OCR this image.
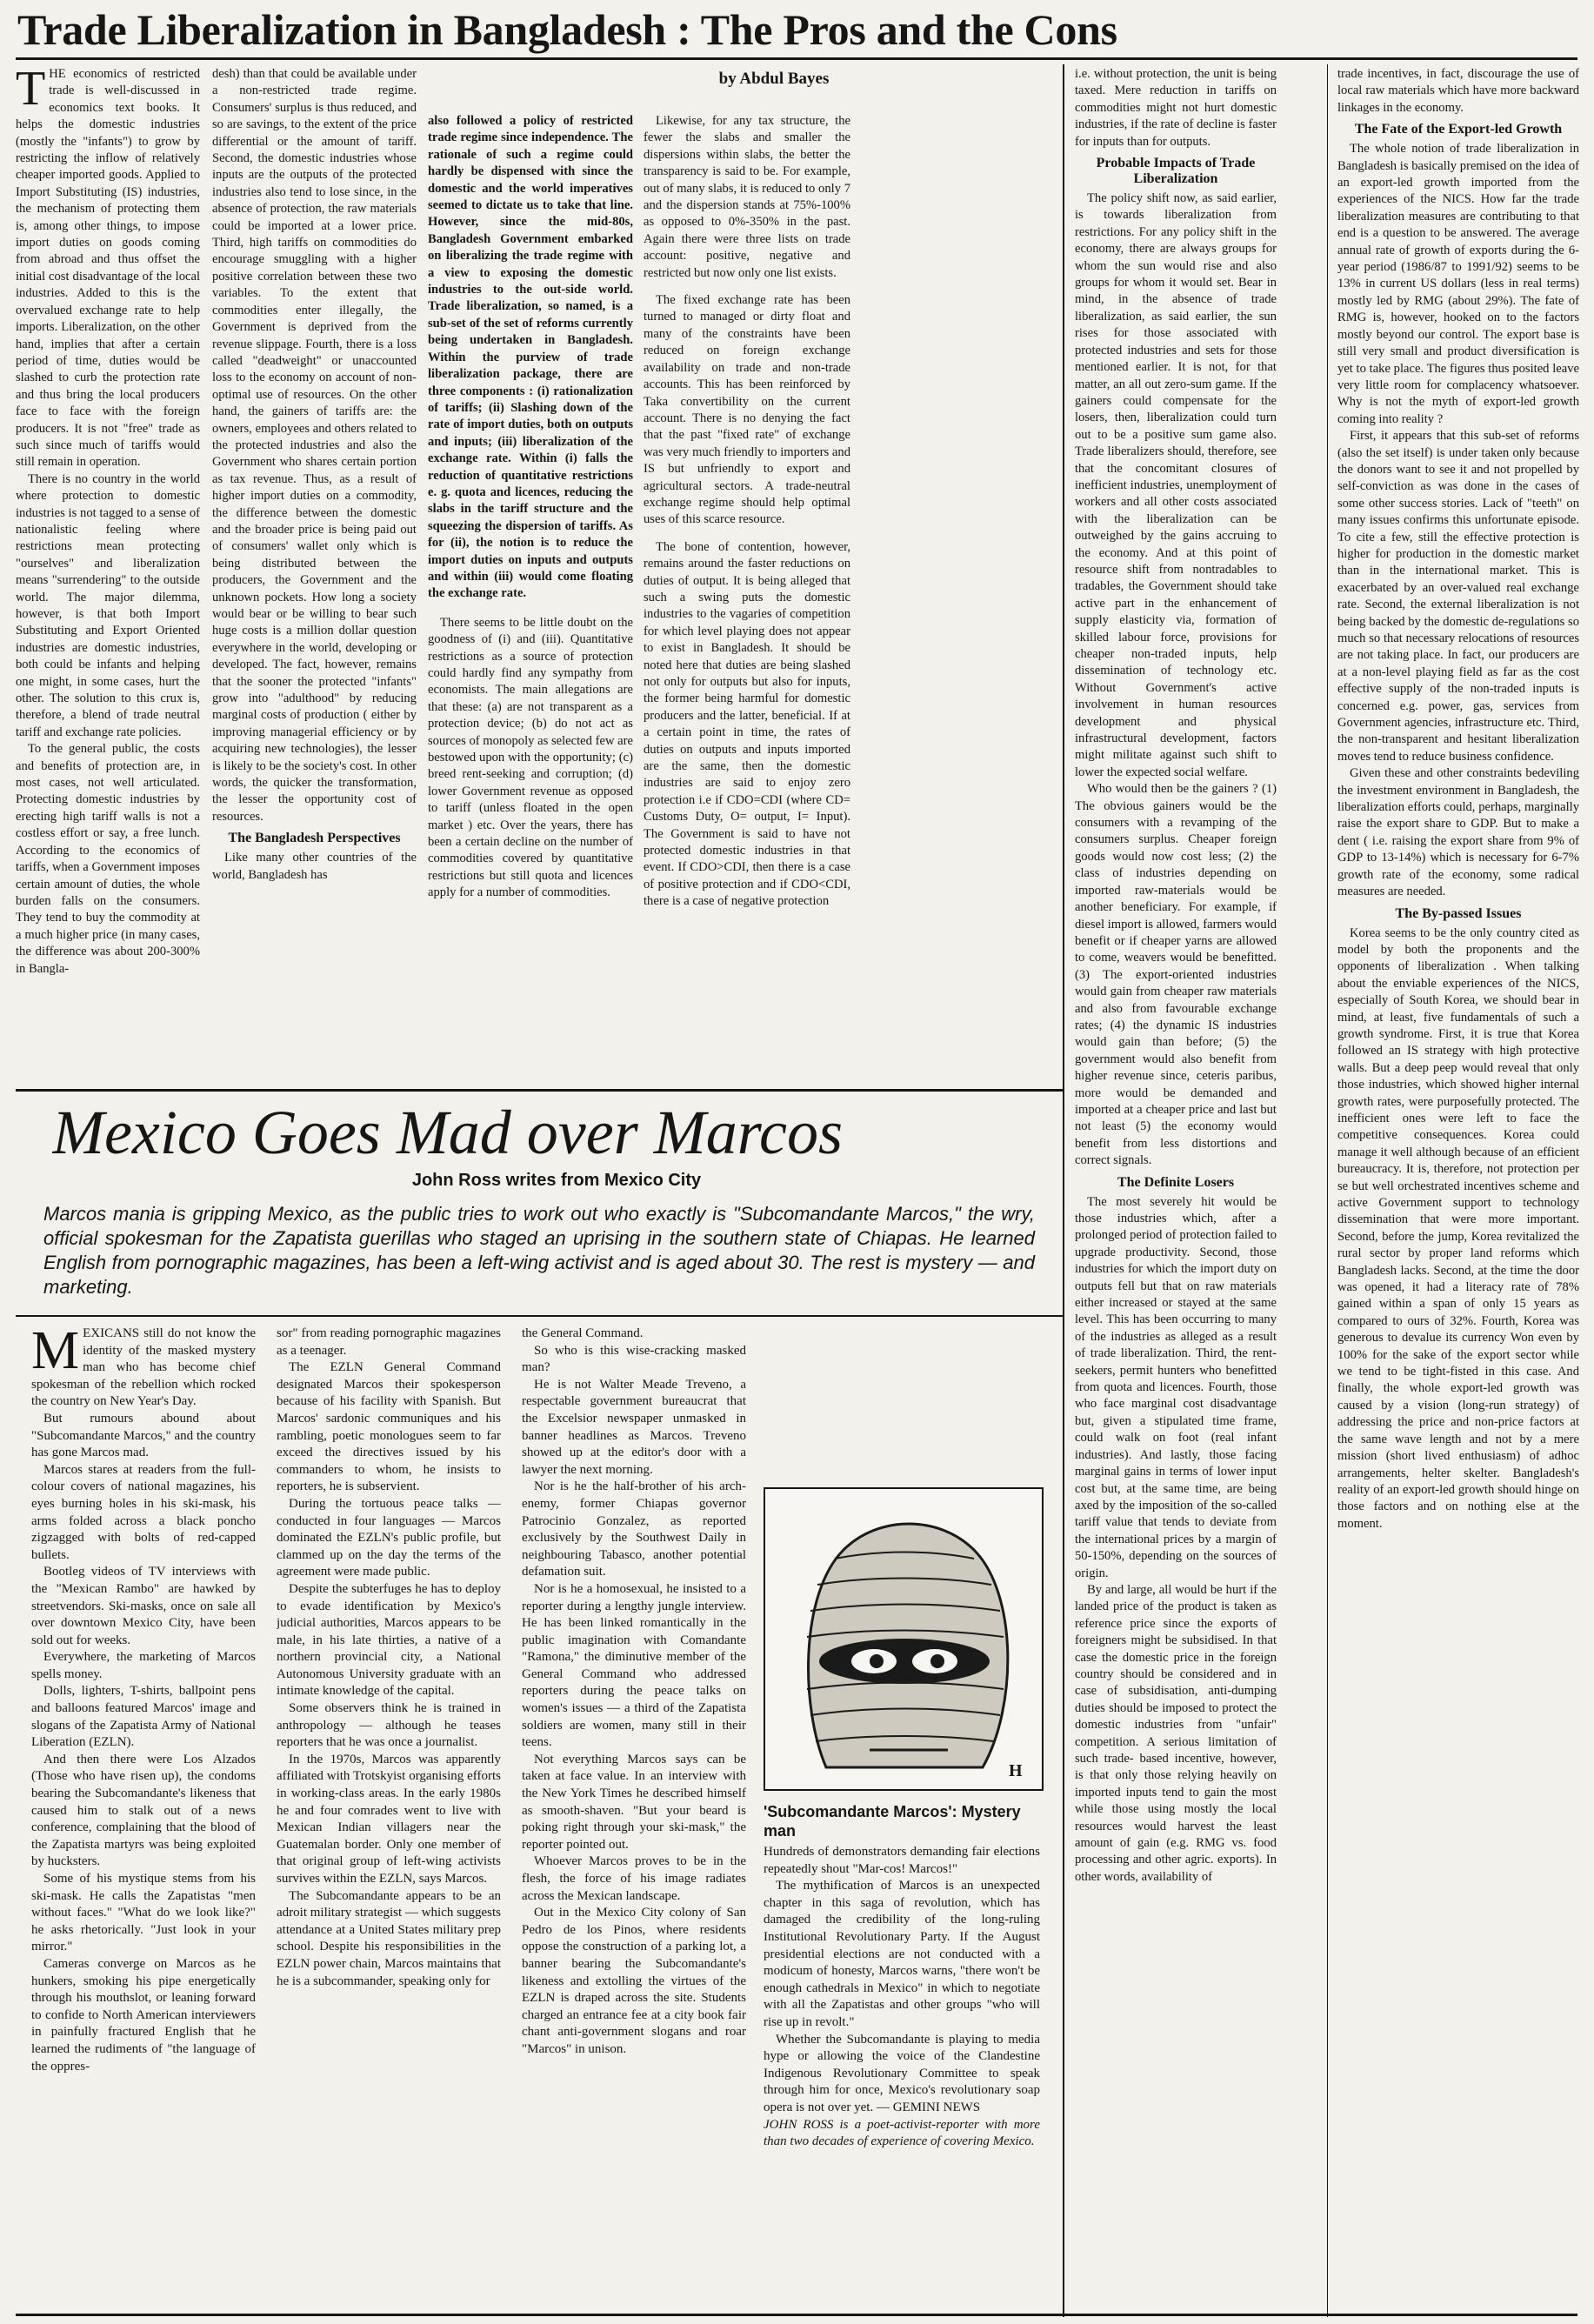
Trade Liberalization in Bangladesh : The Pros and the Cons
by Abdul Bayes
T HE economics of restricted trade is well-discussed in economics text books. It helps the domestic industries (mostly the "infants") to grow by restricting the inflow of relatively cheaper imported goods. Applied to Import Substituting (IS) industries, the mechanism of protecting them is, among other things, to impose import duties on goods coming from abroad and thus offset the initial cost disadvantage of the local industries. Added to this is the overvalued exchange rate to help imports. Liberalization, on the other hand, implies that after a certain period of time, duties would be slashed to curb the protection rate and thus bring the local producers face to face with the foreign producers. It is not "free" trade as such since much of tariffs would still remain in operation.

There is no country in the world where protection to domestic industries is not tagged to a sense of nationalistic feeling where restrictions mean protecting "ourselves" and liberalization means "surrendering" to the outside world. The major dilemma, however, is that both Import Substituting and Export Oriented industries are domestic industries, both could be infants and helping one might, in some cases, hurt the other. The solution to this crux is, therefore, a blend of trade neutral tariff and exchange rate policies.

To the general public, the costs and benefits of protection are, in most cases, not well articulated. Protecting domestic industries by erecting high tariff walls is not a costless effort or say, a free lunch. According to the economics of tariffs, when a Government imposes certain amount of duties, the whole burden falls on the consumers. They tend to buy the commodity at a much higher price (in many cases, the difference was about 200-300% in Bangla-

desh) than that could be available under a non-restricted trade regime. Consumers' surplus is thus reduced, and so are savings, to the extent of the price differential or the amount of tariff. Second, the domestic industries whose inputs are the outputs of the protected industries also tend to lose since, in the absence of protection, the raw materials could be imported at a lower price. Third, high tariffs on commodities do encourage smuggling with a higher positive correlation between these two variables. To the extent that commodities enter illegally, the Government is deprived from the revenue slippage. Fourth, there is a loss called "deadweight" or unaccounted loss to the economy on account of non-optimal use of resources. On the other hand, the gainers of tariffs are: the owners, employees and others related to the protected industries and also the Government who shares certain portion as tax revenue. Thus, as a result of higher import duties on a commodity, the difference between the domestic and the broader price is being paid out of consumers' wallet only which is being distributed between the producers, the Government and the unknown pockets. How long a society would bear or be willing to bear such huge costs is a million dollar question everywhere in the world, developing or developed. The fact, however, remains that the sooner the protected "infants" grow into "adulthood" by reducing marginal costs of production ( either by improving managerial efficiency or by acquiring new technologies), the lesser is likely to be the society's cost. In other words, the quicker the transformation, the lesser the opportunity cost of resources.

The Bangladesh Perspectives

Like many other countries of the world, Bangladesh has

also followed a policy of restricted trade regime since independence. The rationale of such a regime could hardly be dispensed with since the domestic and the world imperatives seemed to dictate us to take that line. However, since the mid-80s, Bangladesh Government embarked on liberalizing the trade regime with a view to exposing the domestic industries to the out-side world. Trade liberalization, so named, is a sub-set of the set of reforms currently being undertaken in Bangladesh. Within the purview of trade liberalization package, there are three components : (i) rationalization of tariffs; (ii) Slashing down of the rate of import duties, both on outputs and inputs; (iii) liberalization of the exchange rate. Within (i) falls the reduction of quantitative restrictions e. g. quota and licences, reducing the slabs in the tariff structure and the squeezing the dispersion of tariffs. As for (ii), the notion is to reduce the import duties on inputs and outputs and within (iii) would come floating the exchange rate.

There seems to be little doubt on the goodness of (i) and (iii). Quantitative restrictions as a source of protection could hardly find any sympathy from economists. The main allegations are that these: (a) are not transparent as a protection device; (b) do not act as sources of monopoly as selected few are bestowed upon with the opportunity; (c) breed rent-seeking and corruption; (d) lower Government revenue as opposed to tariff (unless floated in the open market ) etc. Over the years, there has been a certain decline on the number of commodities covered by quantitative restrictions but still quota and licences apply for a number of commodities.

Likewise, for any tax structure, the fewer the slabs and smaller the dispersions within slabs, the better the transparency is said to be. For example, out of many slabs, it is reduced to only 7 and the dispersion stands at 75%-100% as opposed to 0%-350% in the past. Again there were three lists on trade account: positive, negative and restricted but now only one list exists.

The fixed exchange rate has been turned to managed or dirty float and many of the constraints have been reduced on foreign exchange availability on trade and non-trade accounts. This has been reinforced by Taka convertibility on the current account. There is no denying the fact that the past "fixed rate" of exchange was very much friendly to importers and IS but unfriendly to export and agricultural sectors. A trade-neutral exchange regime should help optimal uses of this scarce resource.

The bone of contention, however, remains around the faster reductions on duties of output. It is being alleged that such a swing puts the domestic industries to the vagaries of competition for which level playing does not appear to exist in Bangladesh. It should be noted here that duties are being slashed not only for outputs but also for inputs, the former being harmful for domestic producers and the latter, beneficial. If at a certain point in time, the rates of duties on outputs and inputs imported are the same, then the domestic industries are said to enjoy zero protection i.e if CDO=CDI (where CD= Customs Duty, O= output, I= Input). The Government is said to have not protected domestic industries in that event. If CDO>CDI, then there is a case of positive protection and if CDO<CDI, there is a case of negative protection

i.e. without protection, the unit is being taxed. Mere reduction in tariffs on commodities might not hurt domestic industries, if the rate of decline is faster for inputs than for outputs.

Probable Impacts of Trade Liberalization

The policy shift now, as said earlier, is towards liberalization from restrictions. For any policy shift in the economy, there are always groups for whom the sun would rise and also groups for whom it would set. Bear in mind, in the absence of trade liberalization, as said earlier, the sun rises for those associated with protected industries and sets for those mentioned earlier. It is not, for that matter, an all out zero-sum game. If the gainers could compensate for the losers, then, liberalization could turn out to be a positive sum game also. Trade liberalizers should, therefore, see that the concomitant closures of inefficient industries, unemployment of workers and all other costs associated with the liberalization can be outweighed by the gains accruing to the economy. And at this point of resource shift from nontradables to tradables, the Government should take active part in the enhancement of supply elasticity via, formation of skilled labour force, provisions for cheaper non-traded inputs, help dissemination of technology etc. Without Government's active involvement in human resources development and physical infrastructural development, factors might militate against such shift to lower the expected social welfare.

Who would then be the gainers ? (1) The obvious gainers would be the consumers with a revamping of the consumers surplus. Cheaper foreign goods would now cost less; (2) the class of industries depending on imported raw-materials would be another beneficiary. For example, if diesel import is allowed, farmers would benefit or if cheaper yarns are allowed to come, weavers would be benefitted. (3) The export-oriented industries would gain from cheaper raw materials and also from favourable exchange rates; (4) the dynamic IS industries would gain than before; (5) the government would also benefit from higher revenue since, ceteris paribus, more would be demanded and imported at a cheaper price and last but not least (5) the economy would benefit from less distortions and correct signals.

The Definite Losers

The most severely hit would be those industries which, after a prolonged period of protection failed to upgrade productivity. Second, those industries for which the import duty on outputs fell but that on raw materials either increased or stayed at the same level. This has been occurring to many of the industries as alleged as a result of trade liberalization. Third, the rent-seekers, permit hunters who benefitted from quota and licences. Fourth, those who face marginal cost disadvantage but, given a stipulated time frame, could walk on foot (real infant industries). And lastly, those facing marginal gains in terms of lower input cost but, at the same time, are being axed by the imposition of the so-called tariff value that tends to deviate from the international prices by a margin of 50-150%, depending on the sources of origin.

By and large, all would be hurt if the landed price of the product is taken as reference price since the exports of foreigners might be subsidised. In that case the domestic price in the foreign country should be considered and in case of subsidisation, anti-dumping duties should be imposed to protect the domestic industries from "unfair" competition. A serious limitation of such trade- based incentive, however, is that only those relying heavily on imported inputs tend to gain the most while those using mostly the local resources would harvest the least amount of gain (e.g. RMG vs. food processing and other agric. exports). In other words, availability of

trade incentives, in fact, discourage the use of local raw materials which have more backward linkages in the economy.

The Fate of the Export-led Growth

The whole notion of trade liberalization in Bangladesh is basically premised on the idea of an export-led growth imported from the experiences of the NICS. How far the trade liberalization measures are contributing to that end is a question to be answered. The average annual rate of growth of exports during the 6-year period (1986/87 to 1991/92) seems to be 13% in current US dollars (less in real terms) mostly led by RMG (about 29%). The fate of RMG is, however, hooked on to the factors mostly beyond our control. The export base is still very small and product diversification is yet to take place. The figures thus posited leave very little room for complacency whatsoever. Why is not the myth of export-led growth coming into reality ?

First, it appears that this sub-set of reforms (also the set itself) is under taken only because the donors want to see it and not propelled by self-conviction as was done in the cases of some other success stories. Lack of "teeth" on many issues confirms this unfortunate episode. To cite a few, still the effective protection is higher for production in the domestic market than in the international market. This is exacerbated by an over-valued real exchange rate. Second, the external liberalization is not being backed by the domestic de-regulations so much so that necessary relocations of resources are not taking place. In fact, our producers are at a non-level playing field as far as the cost effective supply of the non-traded inputs is concerned e.g. power, gas, services from Government agencies, infrastructure etc. Third, the non-transparent and hesitant liberalization moves tend to reduce business confidence.

Given these and other constraints bedeviling the investment environment in Bangladesh, the liberalization efforts could, perhaps, marginally raise the export share to GDP. But to make a dent ( i.e. raising the export share from 9% of GDP to 13-14%) which is necessary for 6-7% growth rate of the economy, some radical measures are needed.

The By-passed Issues

Korea seems to be the only country cited as model by both the proponents and the opponents of liberalization . When talking about the enviable experiences of the NICS, especially of South Korea, we should bear in mind, at least, five fundamentals of such a growth syndrome. First, it is true that Korea followed an IS strategy with high protective walls. But a deep peep would reveal that only those industries, which showed higher internal growth rates, were purposefully protected. The inefficient ones were left to face the competitive consequences. Korea could manage it well although because of an efficient bureaucracy. It is, therefore, not protection per se but well orchestrated incentives scheme and active Government support to technology dissemination that were more important. Second, before the jump, Korea revitalized the rural sector by proper land reforms which Bangladesh lacks. Second, at the time the door was opened, it had a literacy rate of 78% gained within a span of only 15 years as compared to ours of 32%. Fourth, Korea was generous to devalue its currency Won even by 100% for the sake of the export sector while we tend to be tight-fisted in this case. And finally, the whole export-led growth was caused by a vision (long-run strategy) of addressing the price and non-price factors at the same wave length and not by a mere mission (short lived enthusiasm) of adhoc arrangements, helter skelter. Bangladesh's reality of an export-led growth should hinge on those factors and on nothing else at the moment.

Mexico Goes Mad over Marcos
John Ross writes from Mexico City
Marcos mania is gripping Mexico, as the public tries to work out who exactly is "Subcomandante Marcos," the wry, official spokesman for the Zapatista guerillas who staged an uprising in the southern state of Chiapas. He learned English from pornographic magazines, has been a left-wing activist and is aged about 30. The rest is mystery — and marketing.
M EXICANS still do not know the identity of the masked mystery man who has become chief spokesman of the rebellion which rocked the country on New Year's Day.

But rumours abound about "Subcomandante Marcos," and the country has gone Marcos mad.

Marcos stares at readers from the full-colour covers of national magazines, his eyes burning holes in his ski-mask, his arms folded across a black poncho zigzagged with bolts of red-capped bullets.

Bootleg videos of TV interviews with the "Mexican Rambo" are hawked by streetvendors. Ski-masks, once on sale all over downtown Mexico City, have been sold out for weeks.

Everywhere, the marketing of Marcos spells money.

Dolls, lighters, T-shirts, ballpoint pens and balloons featured Marcos' image and slogans of the Zapatista Army of National Liberation (EZLN).

And then there were Los Alzados (Those who have risen up), the condoms bearing the Subcomandante's likeness that caused him to stalk out of a news conference, complaining that the blood of the Zapatista martyrs was being exploited by hucksters.

Some of his mystique stems from his ski-mask. He calls the Zapatistas "men without faces." "What do we look like?" he asks rhetorically. "Just look in your mirror."

Cameras converge on Marcos as he hunkers, smoking his pipe energetically through his mouthslot, or leaning forward to confide to North American interviewers in painfully fractured English that he learned the rudiments of "the language of the oppres-

sor" from reading pornographic magazines as a teenager.

The EZLN General Command designated Marcos their spokesperson because of his facility with Spanish. But Marcos' sardonic communiques and his rambling, poetic monologues seem to far exceed the directives issued by his commanders to whom, he insists to reporters, he is subservient.

During the tortuous peace talks — conducted in four languages — Marcos dominated the EZLN's public profile, but clammed up on the day the terms of the agreement were made public.

Despite the subterfuges he has to deploy to evade identification by Mexico's judicial authorities, Marcos appears to be male, in his late thirties, a native of a northern provincial city, a National Autonomous University graduate with an intimate knowledge of the capital.

Some observers think he is trained in anthropology — although he teases reporters that he was once a journalist.

In the 1970s, Marcos was apparently affiliated with Trotskyist organising efforts in working-class areas. In the early 1980s he and four comrades went to live with Mexican Indian villagers near the Guatemalan border. Only one member of that original group of left-wing activists survives within the EZLN, says Marcos.

The Subcomandante appears to be an adroit military strategist — which suggests attendance at a United States military prep school. Despite his responsibilities in the EZLN power chain, Marcos maintains that he is a subcommander, speaking only for

the General Command.

So who is this wise-cracking masked man?

He is not Walter Meade Treveno, a respectable government bureaucrat that the Excelsior newspaper unmasked in banner headlines as Marcos. Treveno showed up at the editor's door with a lawyer the next morning.

Nor is he the half-brother of his arch-enemy, former Chiapas governor Patrocinio Gonzalez, as reported exclusively by the Southwest Daily in neighbouring Tabasco, another potential defamation suit.

Nor is he a homosexual, he insisted to a reporter during a lengthy jungle interview. He has been linked romantically in the public imagination with Comandante "Ramona," the diminutive member of the General Command who addressed reporters during the peace talks on women's issues — a third of the Zapatista soldiers are women, many still in their teens.

Not everything Marcos says can be taken at face value. In an interview with the New York Times he described himself as smooth-shaven. "But your beard is poking right through your ski-mask," the reporter pointed out.

Whoever Marcos proves to be in the flesh, the force of his image radiates across the Mexican landscape.

Out in the Mexico City colony of San Pedro de los Pinos, where residents oppose the construction of a parking lot, a banner bearing the Subcomandante's likeness and extolling the virtues of the EZLN is draped across the site. Students charged an entrance fee at a city book fair chant anti-government slogans and roar "Marcos" in unison.

H
'Subcomandante Marcos': Mystery man

Hundreds of demonstrators demanding fair elections repeatedly shout "Mar-cos! Marcos!"

The mythification of Marcos is an unexpected chapter in this saga of revolution, which has damaged the credibility of the long-ruling Institutional Revolutionary Party. If the August presidential elections are not conducted with a modicum of honesty, Marcos warns, "there won't be enough cathedrals in Mexico" in which to negotiate with all the Zapatistas and other groups "who will rise up in revolt."

Whether the Subcomandante is playing to media hype or allowing the voice of the Clandestine Indigenous Revolutionary Committee to speak through him for once, Mexico's revolutionary soap opera is not over yet. — GEMINI NEWS

JOHN ROSS is a poet-activist-reporter with more than two decades of experience of covering Mexico.
